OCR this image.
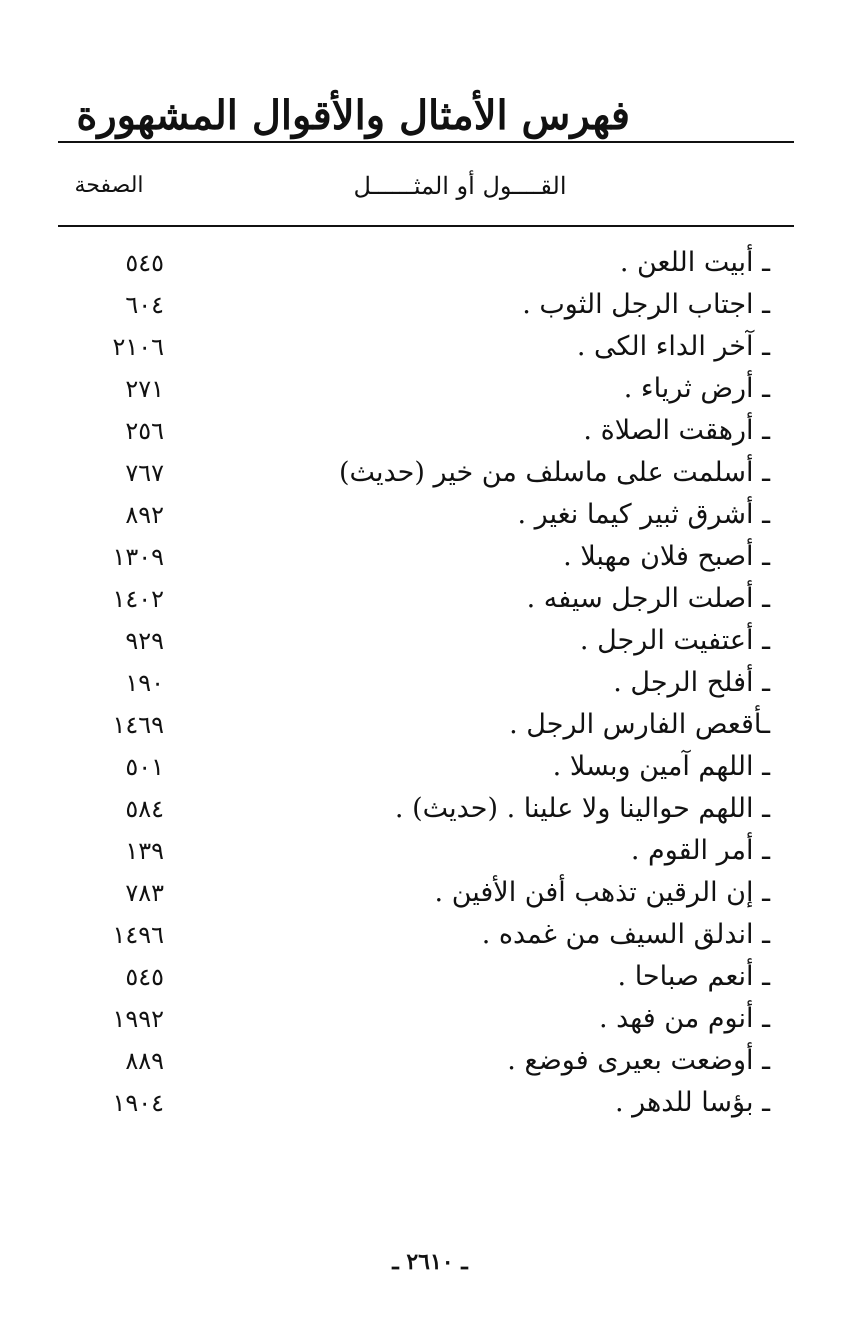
فهرس الأمثال والأقوال المشهورة
القــــول أو المثــــــل
الصفحة
ـ أبيت اللعن .
٥٤٥
ـ اجتاب الرجل الثوب .
٦٠٤
ـ آخر الداء الكى .
٢١٠٦
ـ أرض ثرياء .
٢٧١
ـ أرهقت الصلاة .
٢٥٦
ـ أسلمت على ماسلف من خير (حديث)
٧٦٧
ـ أشرق ثبير كيما نغير .
٨٩٢
ـ أصبح فلان مهبلا .
١٣٠٩
ـ أصلت الرجل سيفه .
١٤٠٢
ـ أعتفيت الرجل .
٩٢٩
ـ أفلح الرجل .
١٩٠
ـأقعص الفارس الرجل .
١٤٦٩
ـ اللهم آمين وبسلا .
٥٠١
ـ اللهم حوالينا ولا علينا . (حديث) .
٥٨٤
ـ أمر القوم .
١٣٩
ـ إن الرقين تذهب أفن الأفين .
٧٨٣
ـ اندلق السيف من غمده .
١٤٩٦
ـ أنعم صباحا .
٥٤٥
ـ أنوم من فهد .
١٩٩٢
ـ أوضعت بعيرى فوضع .
٨٨٩
ـ بؤسا للدهر .
١٩٠٤
ـ ٢٦١٠ ـ
